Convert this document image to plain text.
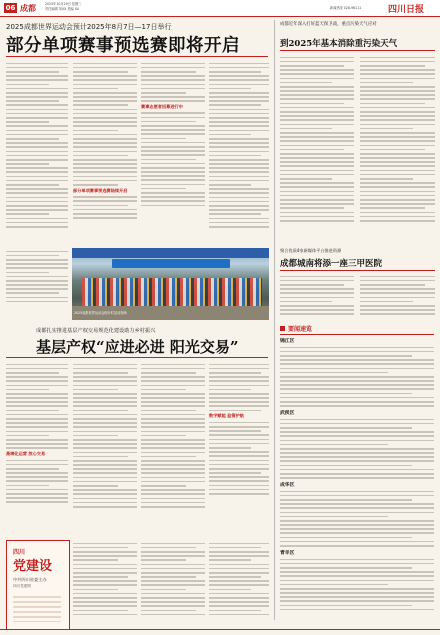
06 成都	2025年10月29日 星期三
责任编辑 刘XX 美编 XX	新闻热线 028-96111	四川日报
2025成都世界运动会预计2025年8月7日—17日举行
部分单项赛事预选赛即将开启
部分单项赛事预选赛陆续开启
赛事志愿者招募进行中
2025成都世界运动会倒计时活动现场
成都近年深入打好蓝天保卫战，重点污染天气应对
到2025年基本消除重污染天气
聚合优质4家新媒体平台推进资源
成都城南将添一座三甲医院
成都扎实推进基层产权交易规范化建设助力乡村振兴
基层产权“应进必进 阳光交易”
高端化运营 放心交易
数字赋能 监管护航
要闻速览
锦江区
武侯区
成华区
青羊区
四川
党建设
中共四川省委主办
四川党建网
